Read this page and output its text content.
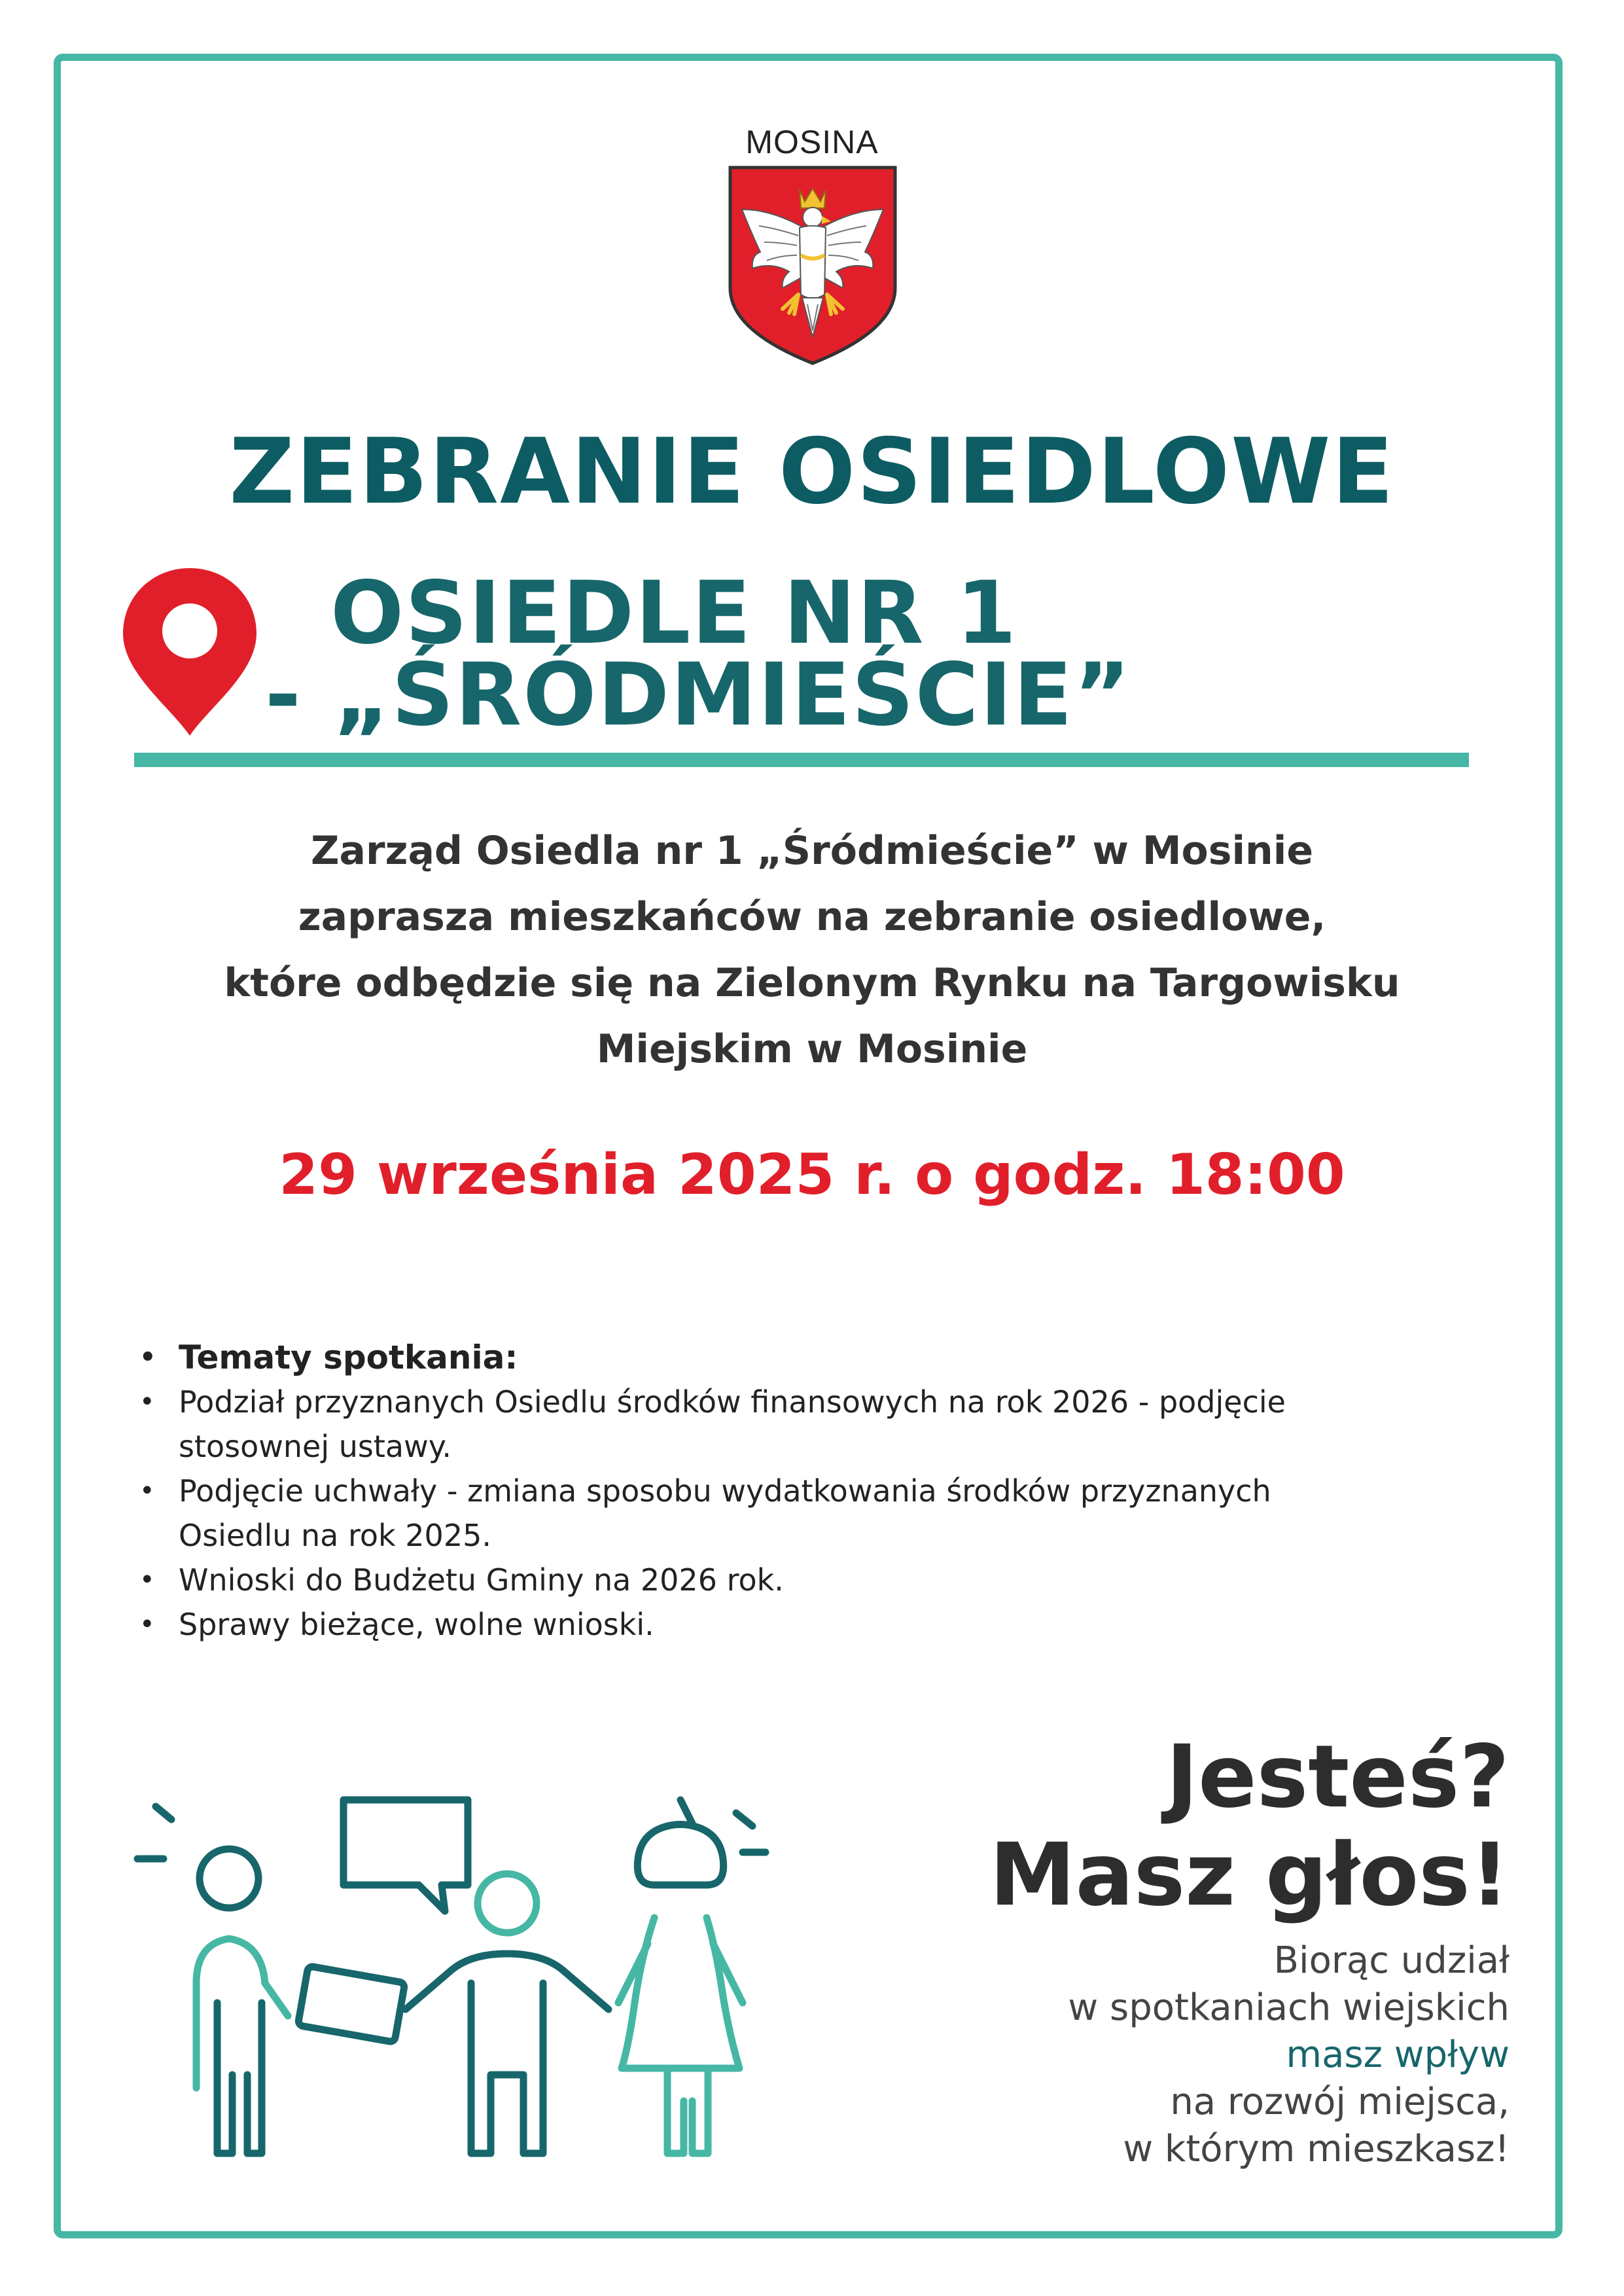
MOSINA
ZEBRANIE OSIEDLOWE
OSIEDLE NR 1
- „ŚRÓDMIEŚCIE”
Zarząd Osiedla nr 1 „Śródmieście” w Mosinie
zaprasza mieszkańców na zebranie osiedlowe,
które odbędzie się na Zielonym Rynku na Targowisku
Miejskim w Mosinie
29 września 2025 r. o godz. 18:00
• Tematy spotkania:
• Podział przyznanych Osiedlu środków finansowych na rok 2026 - podjęcie
stosownej ustawy.
• Podjęcie uchwały - zmiana sposobu wydatkowania środków przyznanych
Osiedlu na rok 2025.
• Wnioski do Budżetu Gminy na 2026 rok.
• Sprawy bieżące, wolne wnioski.
Jesteś?
Masz głos!
Biorąc udział
w spotkaniach wiejskich
masz wpływ
na rozwój miejsca,
w którym mieszkasz!
